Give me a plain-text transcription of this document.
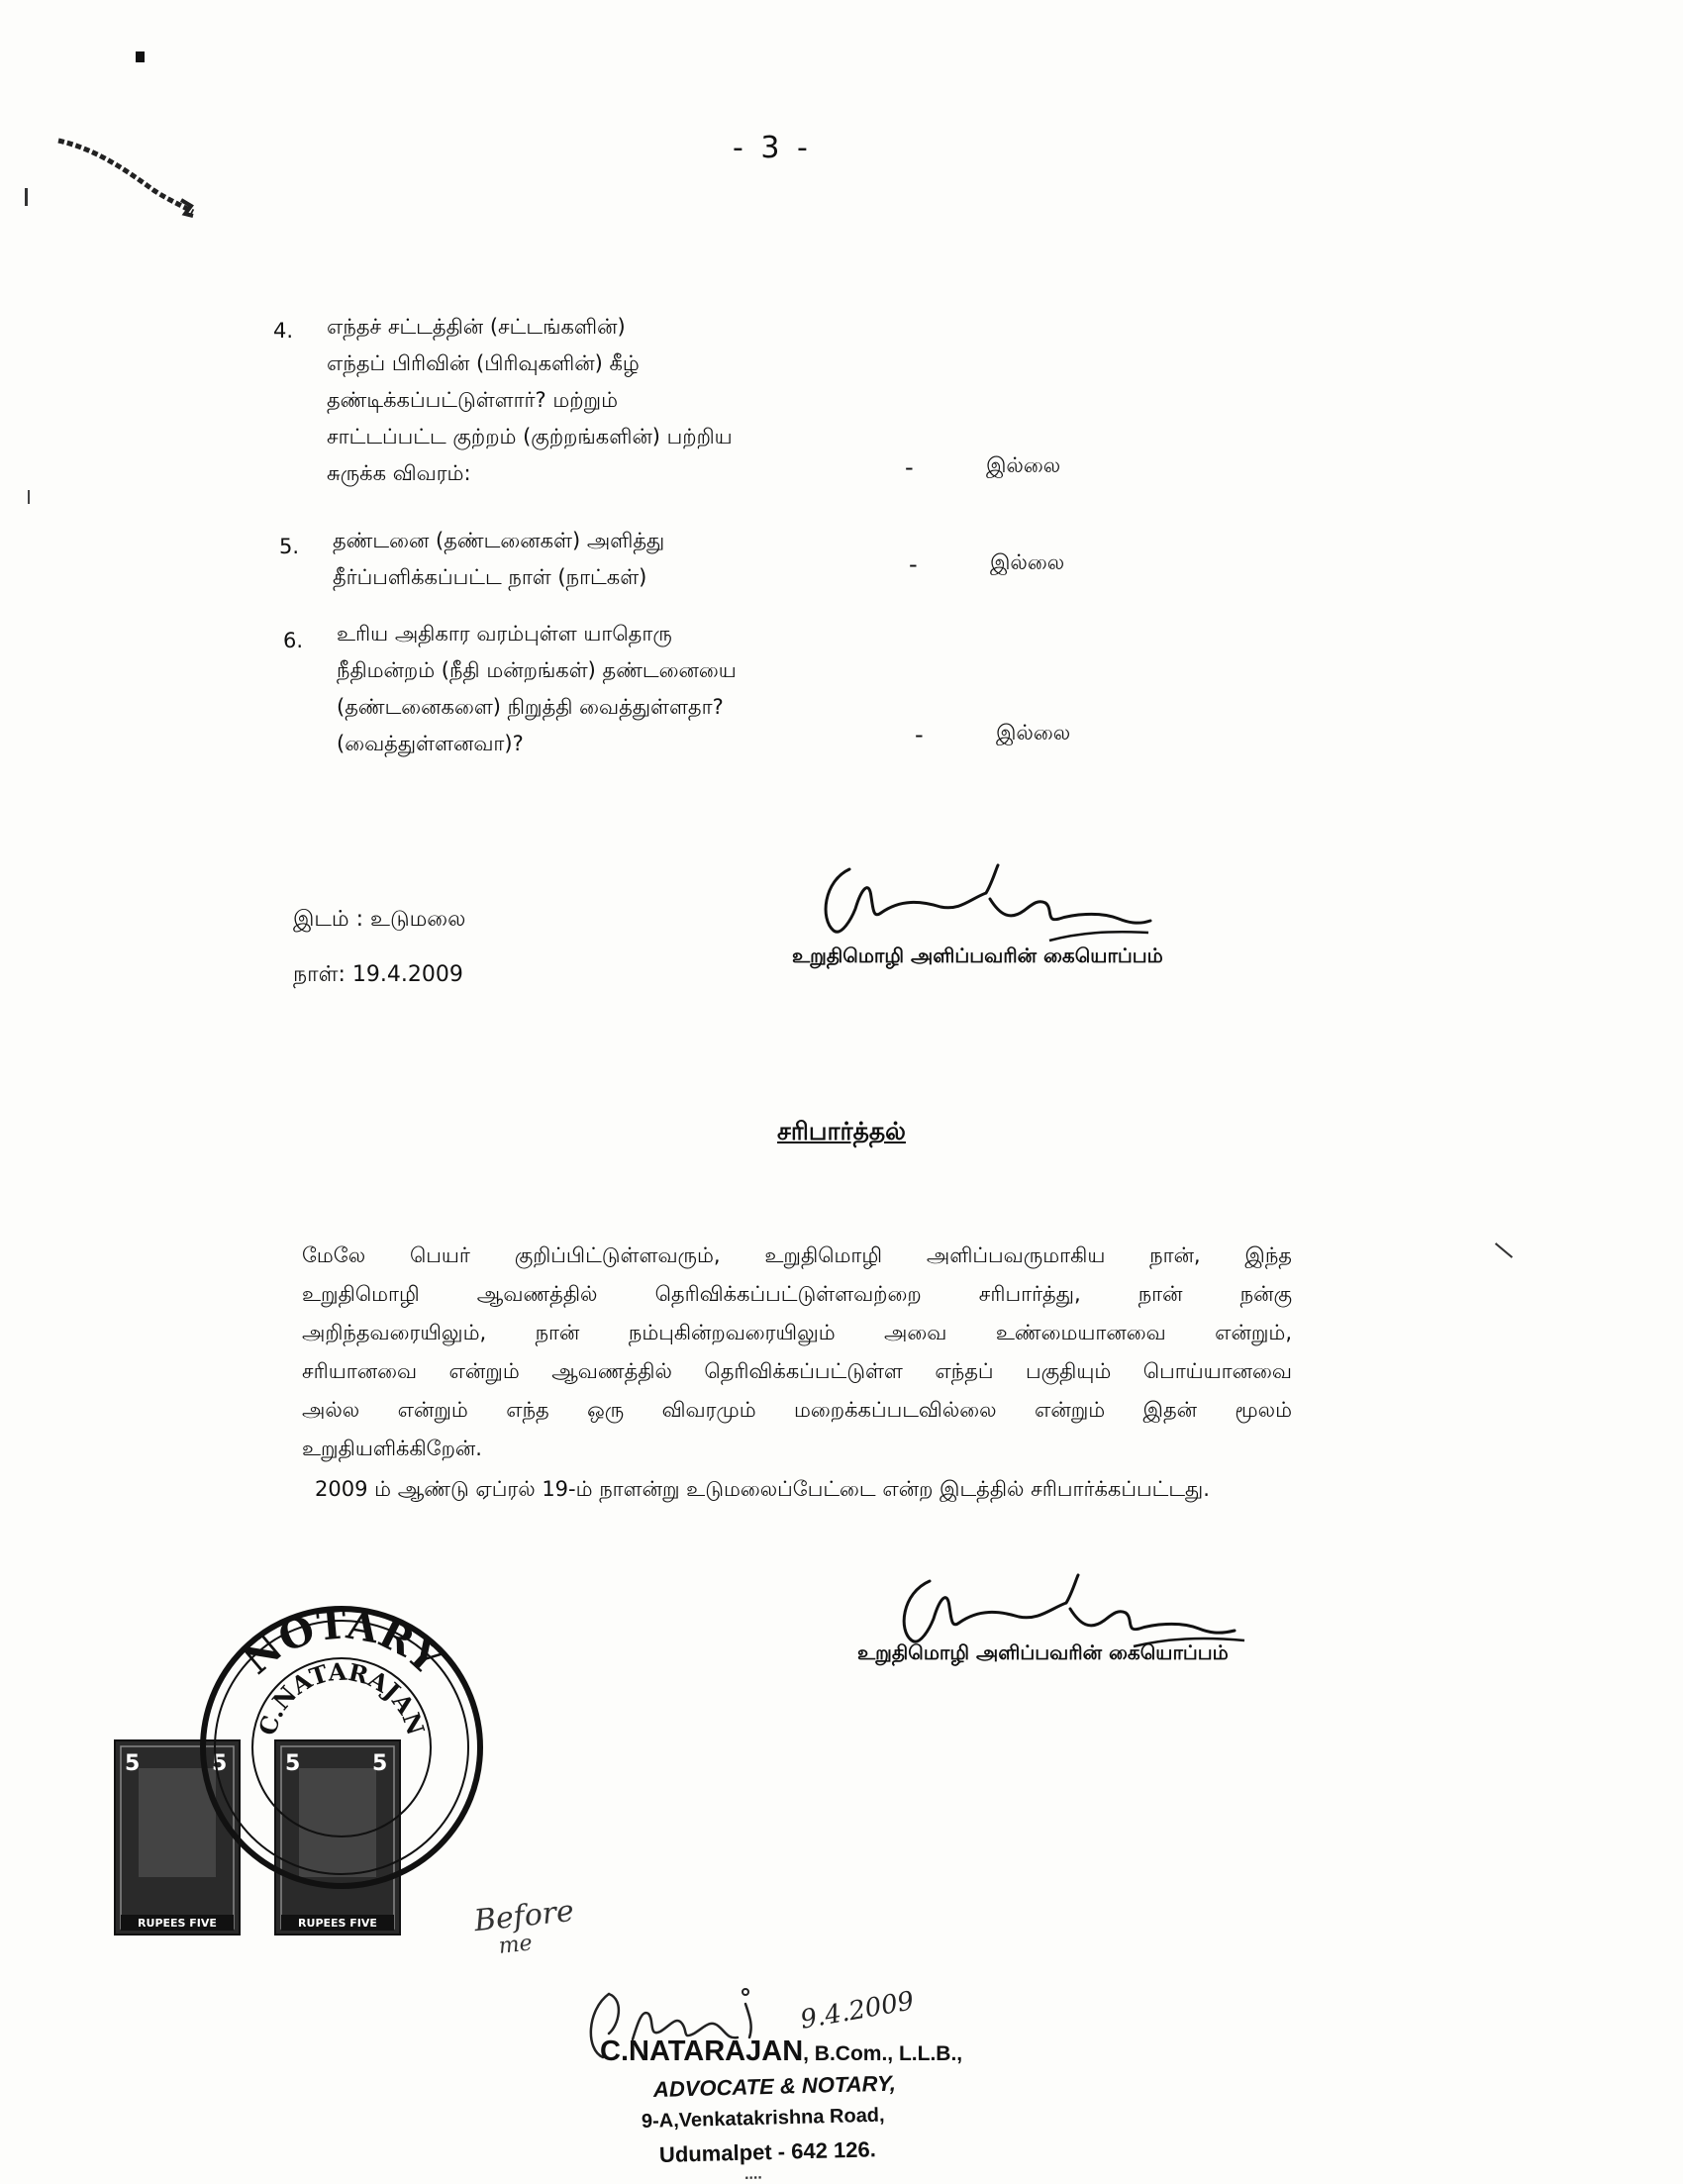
- 3 -
4. எந்தச் சட்டத்தின் (சட்டங்களின்)
எந்தப் பிரிவின் (பிரிவுகளின்) கீழ்
தண்டிக்கப்பட்டுள்ளார்? மற்றும்
சாட்டப்பட்ட குற்றம் (குற்றங்களின்) பற்றிய
சுருக்க விவரம்:	-	இல்லை
5. தண்டனை (தண்டனைகள்) அளித்து
தீர்ப்பளிக்கப்பட்ட நாள் (நாட்கள்)	-	இல்லை
6. உரிய அதிகார வரம்புள்ள யாதொரு
நீதிமன்றம் (நீதி மன்றங்கள்) தண்டனையை
(தண்டனைகளை) நிறுத்தி வைத்துள்ளதா?
(வைத்துள்ளனவா)?	-	இல்லை
இடம் : உடுமலை
நாள்: 19.4.2009
உறுதிமொழி அளிப்பவரின் கையொப்பம்
சரிபார்த்தல்
மேலே பெயர் குறிப்பிட்டுள்ளவரும், உறுதிமொழி அளிப்பவருமாகிய நான், இந்த
உறுதிமொழி ஆவணத்தில் தெரிவிக்கப்பட்டுள்ளவற்றை சரிபார்த்து, நான் நன்கு
அறிந்தவரையிலும், நான் நம்புகின்றவரையிலும் அவை உண்மையானவை என்றும்,
சரியானவை என்றும் ஆவணத்தில் தெரிவிக்கப்பட்டுள்ள எந்தப் பகுதியும் பொய்யானவை
அல்ல என்றும் எந்த ஒரு விவரமும் மறைக்கப்படவில்லை என்றும் இதன் மூலம்
உறுதியளிக்கிறேன்.
2009 ம் ஆண்டு ஏப்ரல் 19-ம் நாளன்று உடுமலைப்பேட்டை என்ற இடத்தில் சரிபார்க்கப்பட்டது.
உறுதிமொழி அளிப்பவரின் கையொப்பம்
5	5
RUPEES FIVE
5	5
RUPEES FIVE
NOTARY
C.NATARAJAN
Before
me
9.4.2009
C.NATARAJAN, B.Com., L.L.B.,
ADVOCATE & NOTARY,
9-A,Venkatakrishna Road,
Udumalpet - 642 126.
....
